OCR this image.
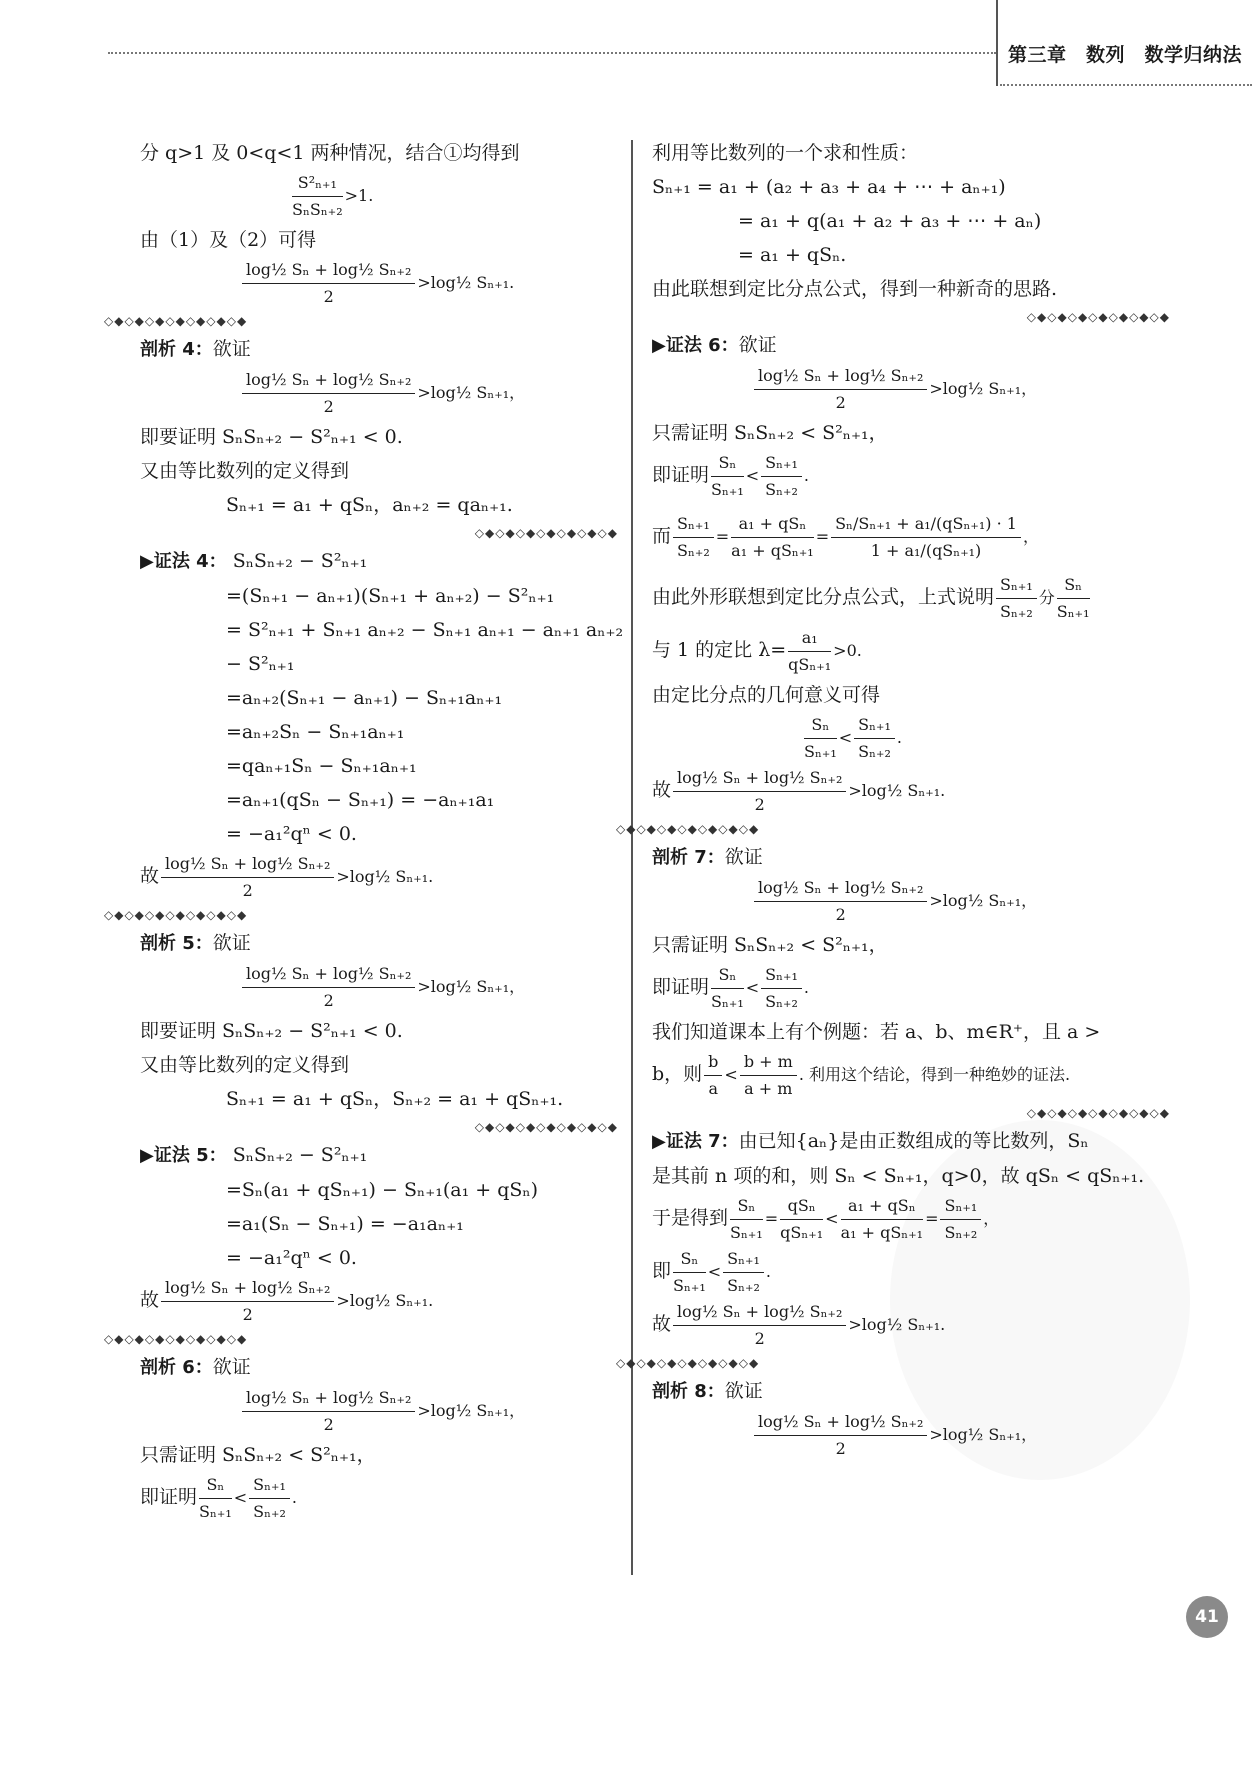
第三章　数列　数学归纳法

分 q>1 及 0<q<1 两种情况，结合①均得到

$\frac{\text{S²ₙ₊₁}}{\text{SₙSₙ₊₂}} >1$.

由（1）及（2）可得

$\frac{\text{log½ Sₙ + log½ Sₙ₊₂}}{2}$ >log½ Sₙ₊₁.
◇◆◇◆◇◆◇◆◇◆◇◆◇◆

剖析 4：欲证

$\frac{\text{log½ Sₙ + log½ Sₙ₊₂}}{2}$ >log½ Sₙ₊₁，

即要证明 SₙSₙ₊₂ − S²ₙ₊₁ < 0.

又由等比数列的定义得到

Sₙ₊₁ = a₁ + qSₙ，aₙ₊₂ = qaₙ₊₁.

◇◆◇◆◇◆◇◆◇◆◇◆◇◆

▶证法 4： SₙSₙ₊₂ − S²ₙ₊₁

=(Sₙ₊₁ − aₙ₊₁)(Sₙ₊₁ + aₙ₊₂) − S²ₙ₊₁

= S²ₙ₊₁ + Sₙ₊₁ aₙ₊₂ − Sₙ₊₁ aₙ₊₁ − aₙ₊₁ aₙ₊₂

− S²ₙ₊₁

=aₙ₊₂(Sₙ₊₁ − aₙ₊₁) − Sₙ₊₁aₙ₊₁

=aₙ₊₂Sₙ − Sₙ₊₁aₙ₊₁

=qaₙ₊₁Sₙ − Sₙ₊₁aₙ₊₁

=aₙ₊₁(qSₙ − Sₙ₊₁) = −aₙ₊₁a₁

= −a₁²qⁿ < 0.

故 $\frac{\text{log½ Sₙ + log½ Sₙ₊₂}}{2}$ >log½ Sₙ₊₁.
◇◆◇◆◇◆◇◆◇◆◇◆◇◆

剖析 5：欲证

$\frac{\text{log½ Sₙ + log½ Sₙ₊₂}}{2}$ >log½ Sₙ₊₁，

即要证明 SₙSₙ₊₂ − S²ₙ₊₁ < 0.

又由等比数列的定义得到

Sₙ₊₁ = a₁ + qSₙ，Sₙ₊₂ = a₁ + qSₙ₊₁.

◇◆◇◆◇◆◇◆◇◆◇◆◇◆

▶证法 5： SₙSₙ₊₂ − S²ₙ₊₁

=Sₙ(a₁ + qSₙ₊₁) − Sₙ₊₁(a₁ + qSₙ)

=a₁(Sₙ − Sₙ₊₁) = −a₁aₙ₊₁

= −a₁²qⁿ < 0.

故 $\frac{\text{log½ Sₙ + log½ Sₙ₊₂}}{2}$ >log½ Sₙ₊₁.
◇◆◇◆◇◆◇◆◇◆◇◆◇◆

剖析 6：欲证

$\frac{\text{log½ Sₙ + log½ Sₙ₊₂}}{2}$ >log½ Sₙ₊₁，

只需证明 SₙSₙ₊₂ < S²ₙ₊₁，

即证明 $\frac{\text{Sₙ}}{\text{Sₙ₊₁}} < \frac{\text{Sₙ₊₁}}{\text{Sₙ₊₂}}$ .

利用等比数列的一个求和性质：

Sₙ₊₁ = a₁ + (a₂ + a₃ + a₄ + ⋯ + aₙ₊₁)

= a₁ + q(a₁ + a₂ + a₃ + ⋯ + aₙ)

= a₁ + qSₙ.

由此联想到定比分点公式，得到一种新奇的思路.

◇◆◇◆◇◆◇◆◇◆◇◆◇◆

▶证法 6：欲证

$\frac{\text{log½ Sₙ + log½ Sₙ₊₂}}{2}$ >log½ Sₙ₊₁，

只需证明 SₙSₙ₊₂ < S²ₙ₊₁，

即证明 $\frac{\text{Sₙ}}{\text{Sₙ₊₁}} < \frac{\text{Sₙ₊₁}}{\text{Sₙ₊₂}}$ .
而 $\frac{\text{Sₙ₊₁}}{\text{Sₙ₊₂}} = \frac{\text{a₁ + qSₙ}}{\text{a₁ + qSₙ₊₁}} = \frac{\text{Sₙ/Sₙ₊₁ + a₁/(qSₙ₊₁) · 1}}{\text{1 + a₁/(qSₙ₊₁)}}$ ，
由此外形联想到定比分点公式，上式说明 $\frac{\text{Sₙ₊₁}}{\text{Sₙ₊₂}}$ 分 $\frac{\text{Sₙ}}{\text{Sₙ₊₁}}$
与 1 的定比 $\lambda= \frac{\text{a₁}}{\text{qSₙ₊₁}} >0$.

由定比分点的几何意义可得

$\frac{\text{Sₙ}}{\text{Sₙ₊₁}} < \frac{\text{Sₙ₊₁}}{\text{Sₙ₊₂}}$ .
故 $\frac{\text{log½ Sₙ + log½ Sₙ₊₂}}{2}$ >log½ Sₙ₊₁.
◇◆◇◆◇◆◇◆◇◆◇◆◇◆

剖析 7：欲证

$\frac{\text{log½ Sₙ + log½ Sₙ₊₂}}{2}$ >log½ Sₙ₊₁，

只需证明 SₙSₙ₊₂ < S²ₙ₊₁，

即证明 $\frac{\text{Sₙ}}{\text{Sₙ₊₁}} < \frac{\text{Sₙ₊₁}}{\text{Sₙ₊₂}}$ .

我们知道课本上有个例题：若 a、b、m∈R⁺，且 a >

b，则 $\frac{b}{a} < \frac{b + m}{a + m}$ . 利用这个结论，得到一种绝妙的证法.
◇◆◇◆◇◆◇◆◇◆◇◆◇◆

▶证法 7：由已知{aₙ}是由正数组成的等比数列，Sₙ

是其前 n 项的和，则 Sₙ < Sₙ₊₁，q>0，故 qSₙ < qSₙ₊₁.

于是得到 $\frac{\text{Sₙ}}{\text{Sₙ₊₁}} = \frac{\text{qSₙ}}{\text{qSₙ₊₁}} < \frac{\text{a₁ + qSₙ}}{\text{a₁ + qSₙ₊₁}} = \frac{\text{Sₙ₊₁}}{\text{Sₙ₊₂}}$ ，
即 $\frac{\text{Sₙ}}{\text{Sₙ₊₁}} < \frac{\text{Sₙ₊₁}}{\text{Sₙ₊₂}}$ .
故 $\frac{\text{log½ Sₙ + log½ Sₙ₊₂}}{2}$ >log½ Sₙ₊₁.
◇◆◇◆◇◆◇◆◇◆◇◆◇◆

剖析 8：欲证

$\frac{\text{log½ Sₙ + log½ Sₙ₊₂}}{2}$ >log½ Sₙ₊₁，
41
